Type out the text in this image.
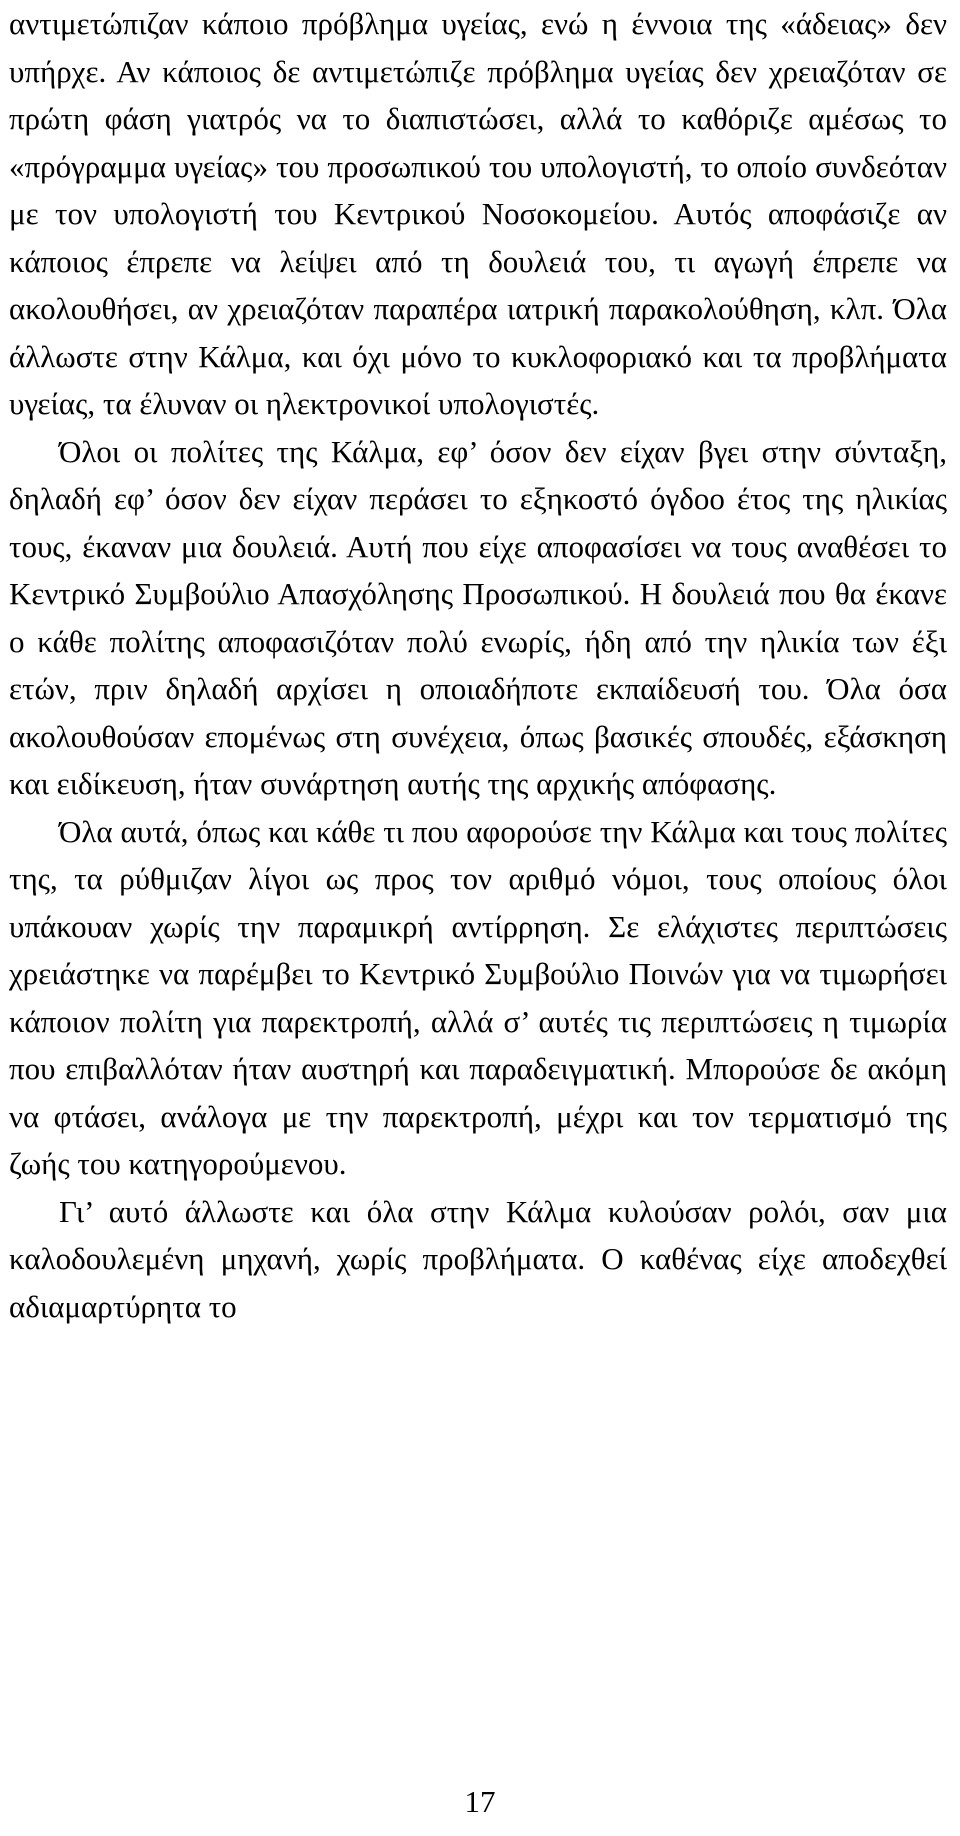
αντιμετώπιζαν κάποιο πρόβλημα υγείας, ενώ η έννοια της «άδειας» δεν υπήρχε. Αν κάποιος δε αντιμετώπιζε πρόβλημα υγείας δεν χρειαζόταν σε πρώτη φάση γιατρός να το διαπιστώσει, αλλά το καθόριζε αμέσως το «πρόγραμμα υγείας» του προσωπικού του υπολογιστή, το οποίο συνδεόταν με τον υπολογιστή του Κεντρικού Νοσοκομείου. Αυτός αποφάσιζε αν κάποιος έπρεπε να λείψει από τη δουλειά του, τι αγωγή έπρεπε να ακολουθήσει, αν χρειαζόταν παραπέρα ιατρική παρακολούθηση, κλπ. Όλα άλλωστε στην Κάλμα, και όχι μόνο το κυκλοφοριακό και τα προβλήματα υγείας, τα έλυναν οι ηλεκτρονικοί υπολογιστές.

Όλοι οι πολίτες της Κάλμα, εφ’ όσον δεν είχαν βγει στην σύνταξη, δηλαδή εφ’ όσον δεν είχαν περάσει το εξηκοστό όγδοο έτος της ηλικίας τους, έκαναν μια δουλειά. Αυτή που είχε αποφασίσει να τους αναθέσει το Κεντρικό Συμβούλιο Απασχόλησης Προσωπικού. Η δουλειά που θα έκανε ο κάθε πολίτης αποφασιζόταν πολύ ενωρίς, ήδη από την ηλικία των έξι ετών, πριν δηλαδή αρχίσει η οποιαδήποτε εκπαίδευσή του. Όλα όσα ακολουθούσαν επομένως στη συνέχεια, όπως βασικές σπουδές, εξάσκηση και ειδίκευση, ήταν συνάρτηση αυτής της αρχικής απόφασης.

Όλα αυτά, όπως και κάθε τι που αφορούσε την Κάλμα και τους πολίτες της, τα ρύθμιζαν λίγοι ως προς τον αριθμό νόμοι, τους οποίους όλοι υπάκουαν χωρίς την παραμικρή αντίρρηση. Σε ελάχιστες περιπτώσεις χρειάστηκε να παρέμβει το Κεντρικό Συμβούλιο Ποινών για να τιμωρήσει κάποιον πολίτη για παρεκτροπή, αλλά σ’ αυτές τις περιπτώσεις η τιμωρία που επιβαλλόταν ήταν αυστηρή και παραδειγματική. Μπορούσε δε ακόμη να φτάσει, ανάλογα με την παρεκτροπή, μέχρι και τον τερματισμό της ζωής του κατηγορούμενου.

Γι’ αυτό άλλωστε και όλα στην Κάλμα κυλούσαν ρολόι, σαν μια καλοδουλεμένη μηχανή, χωρίς προβλήματα. Ο καθένας είχε αποδεχθεί αδιαμαρτύρητα το

17
